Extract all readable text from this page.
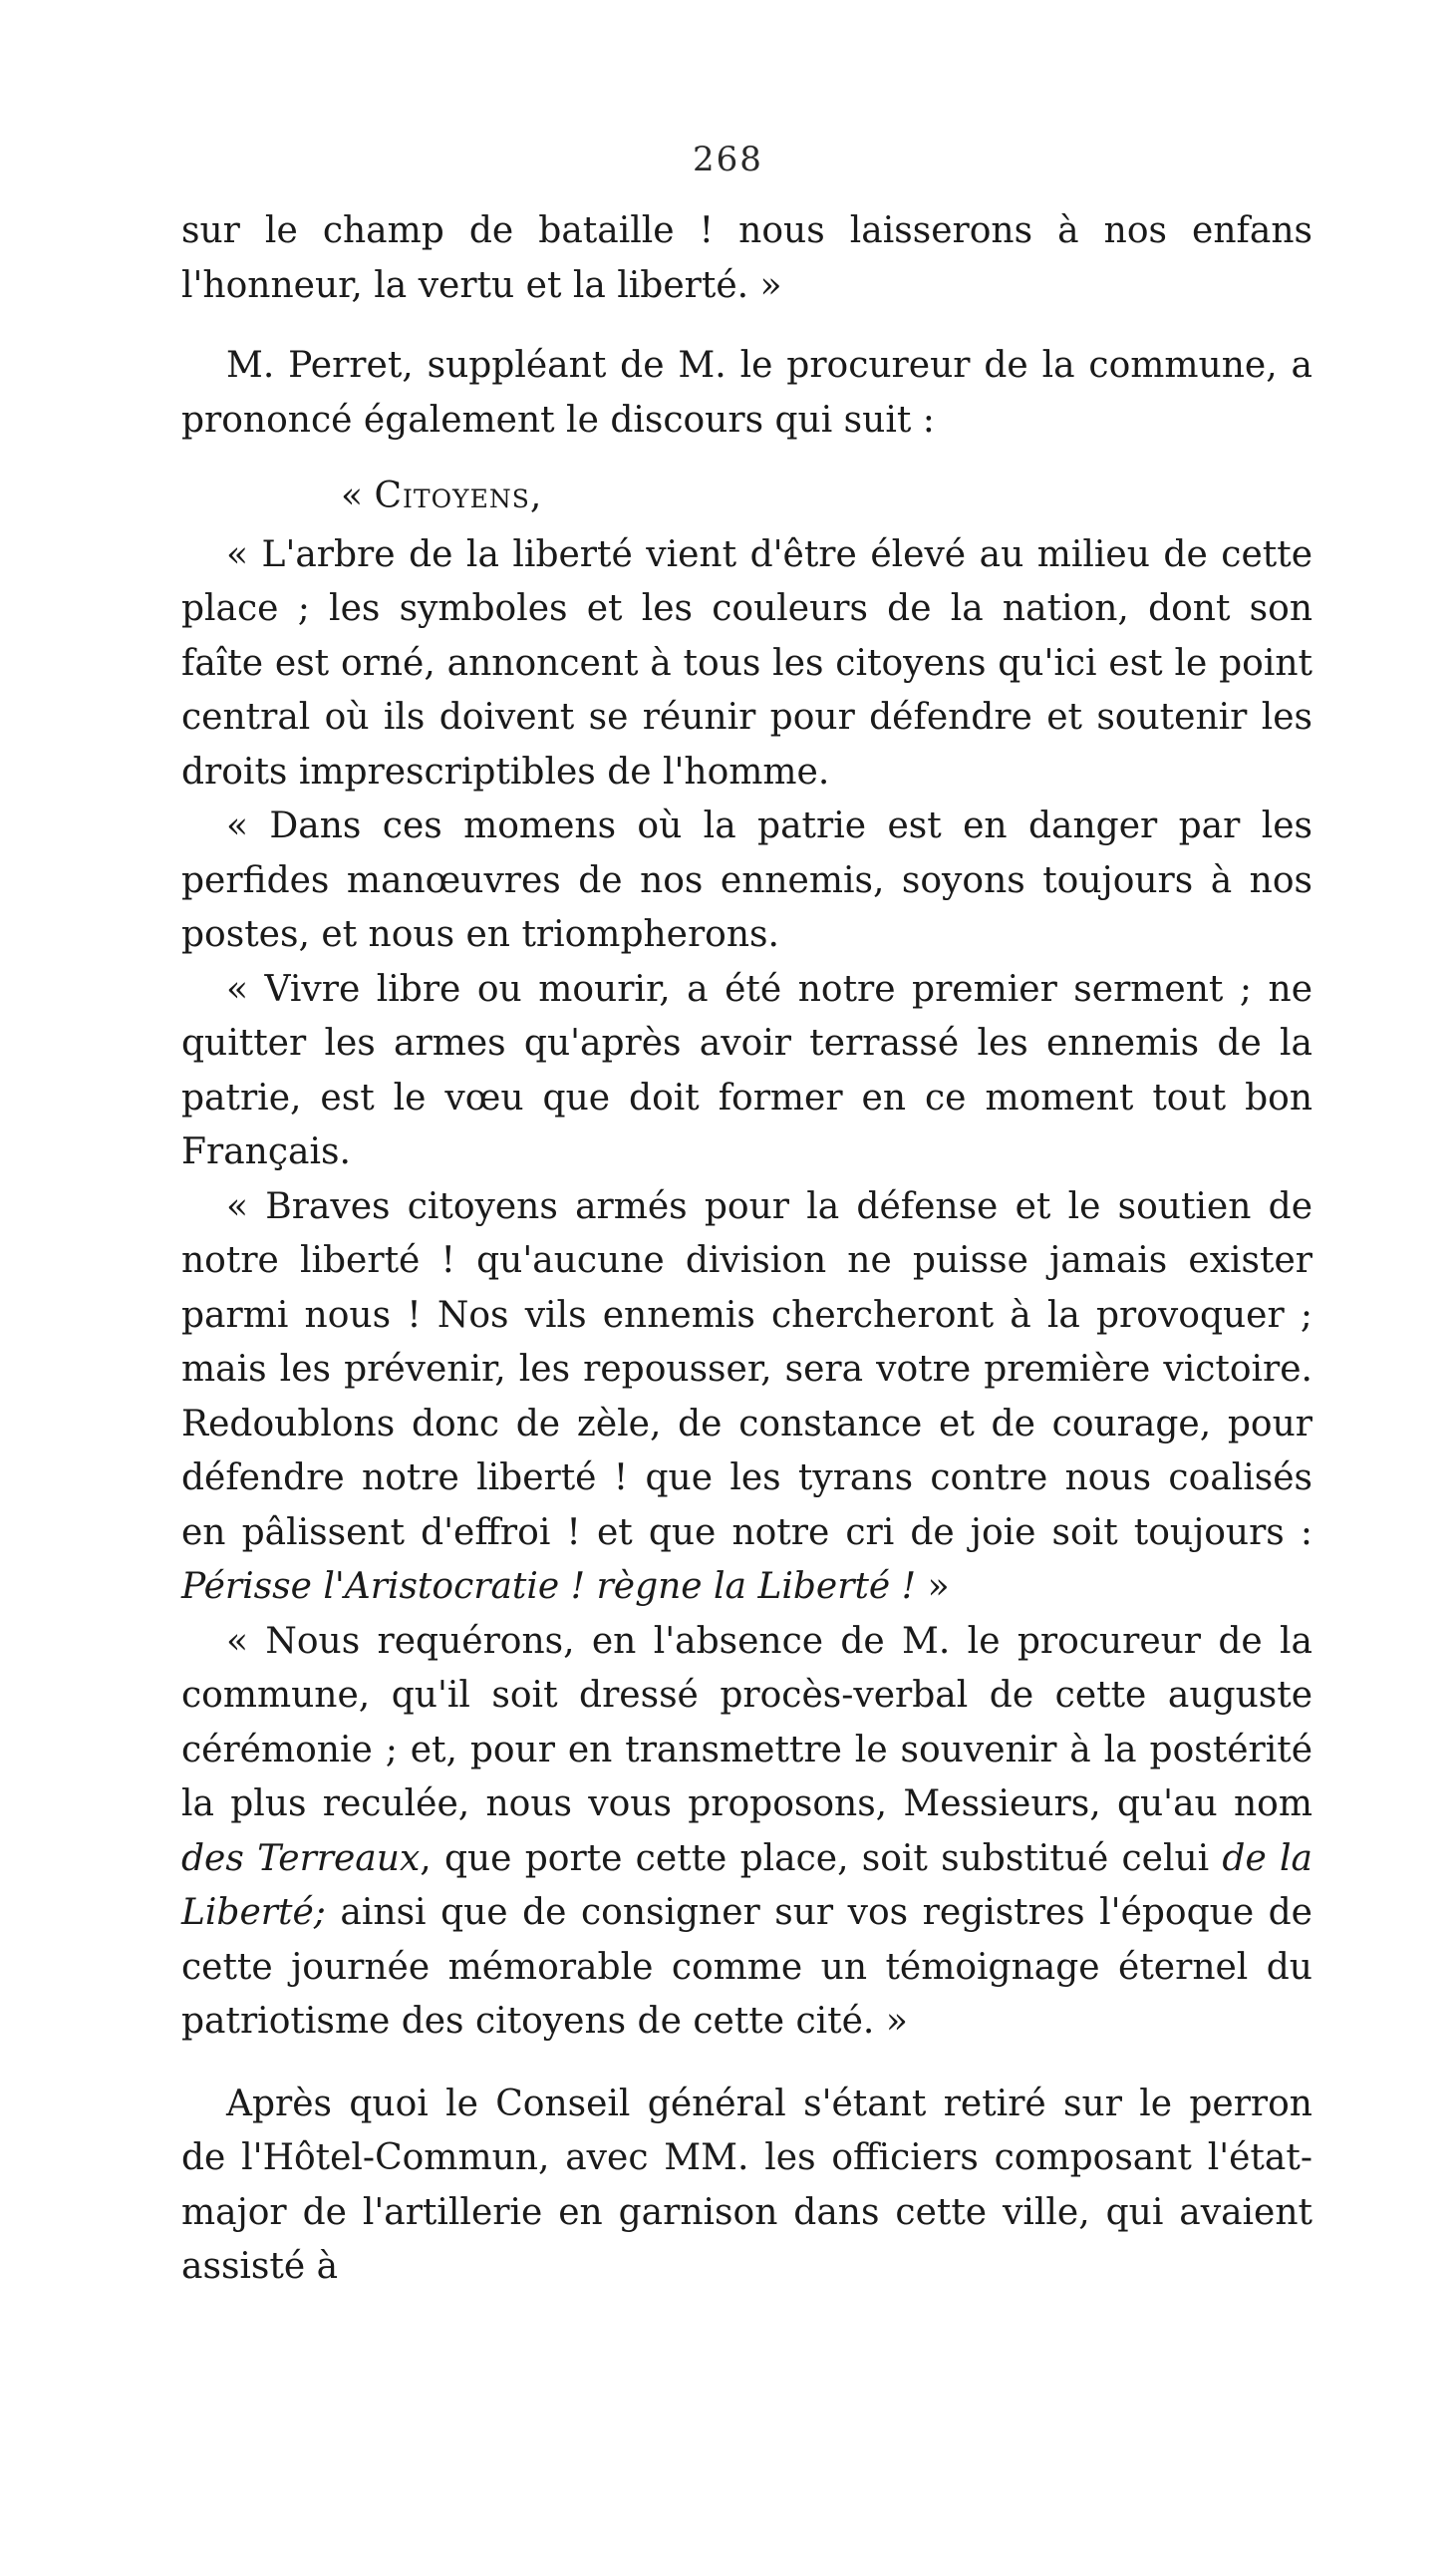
268

sur le champ de bataille ! nous laisserons à nos enfans l'honneur, la vertu et la liberté. »

M. Perret, suppléant de M. le procureur de la commune, a prononcé également le discours qui suit :

« Citoyens,

« L'arbre de la liberté vient d'être élevé au milieu de cette place ; les symboles et les couleurs de la nation, dont son faîte est orné, annoncent à tous les citoyens qu'ici est le point central où ils doivent se réunir pour défendre et soutenir les droits imprescriptibles de l'homme.

« Dans ces momens où la patrie est en danger par les perfides manœuvres de nos ennemis, soyons toujours à nos postes, et nous en triompherons.

« Vivre libre ou mourir, a été notre premier serment ; ne quitter les armes qu'après avoir terrassé les ennemis de la patrie, est le vœu que doit former en ce moment tout bon Français.

« Braves citoyens armés pour la défense et le soutien de notre liberté ! qu'aucune division ne puisse jamais exister parmi nous ! Nos vils ennemis chercheront à la provoquer ; mais les prévenir, les repousser, sera votre première victoire. Redoublons donc de zèle, de constance et de courage, pour défendre notre liberté ! que les tyrans contre nous coalisés en pâlissent d'effroi ! et que notre cri de joie soit toujours : Périsse l'Aristocratie ! règne la Liberté ! »

« Nous requérons, en l'absence de M. le procureur de la commune, qu'il soit dressé procès-verbal de cette auguste cérémonie ; et, pour en transmettre le souvenir à la postérité la plus reculée, nous vous proposons, Messieurs, qu'au nom des Terreaux, que porte cette place, soit substitué celui de la Liberté; ainsi que de consigner sur vos registres l'époque de cette journée mémorable comme un témoignage éternel du patriotisme des citoyens de cette cité. »

Après quoi le Conseil général s'étant retiré sur le perron de l'Hôtel-Commun, avec MM. les officiers composant l'état-major de l'artillerie en garnison dans cette ville, qui avaient assisté à
